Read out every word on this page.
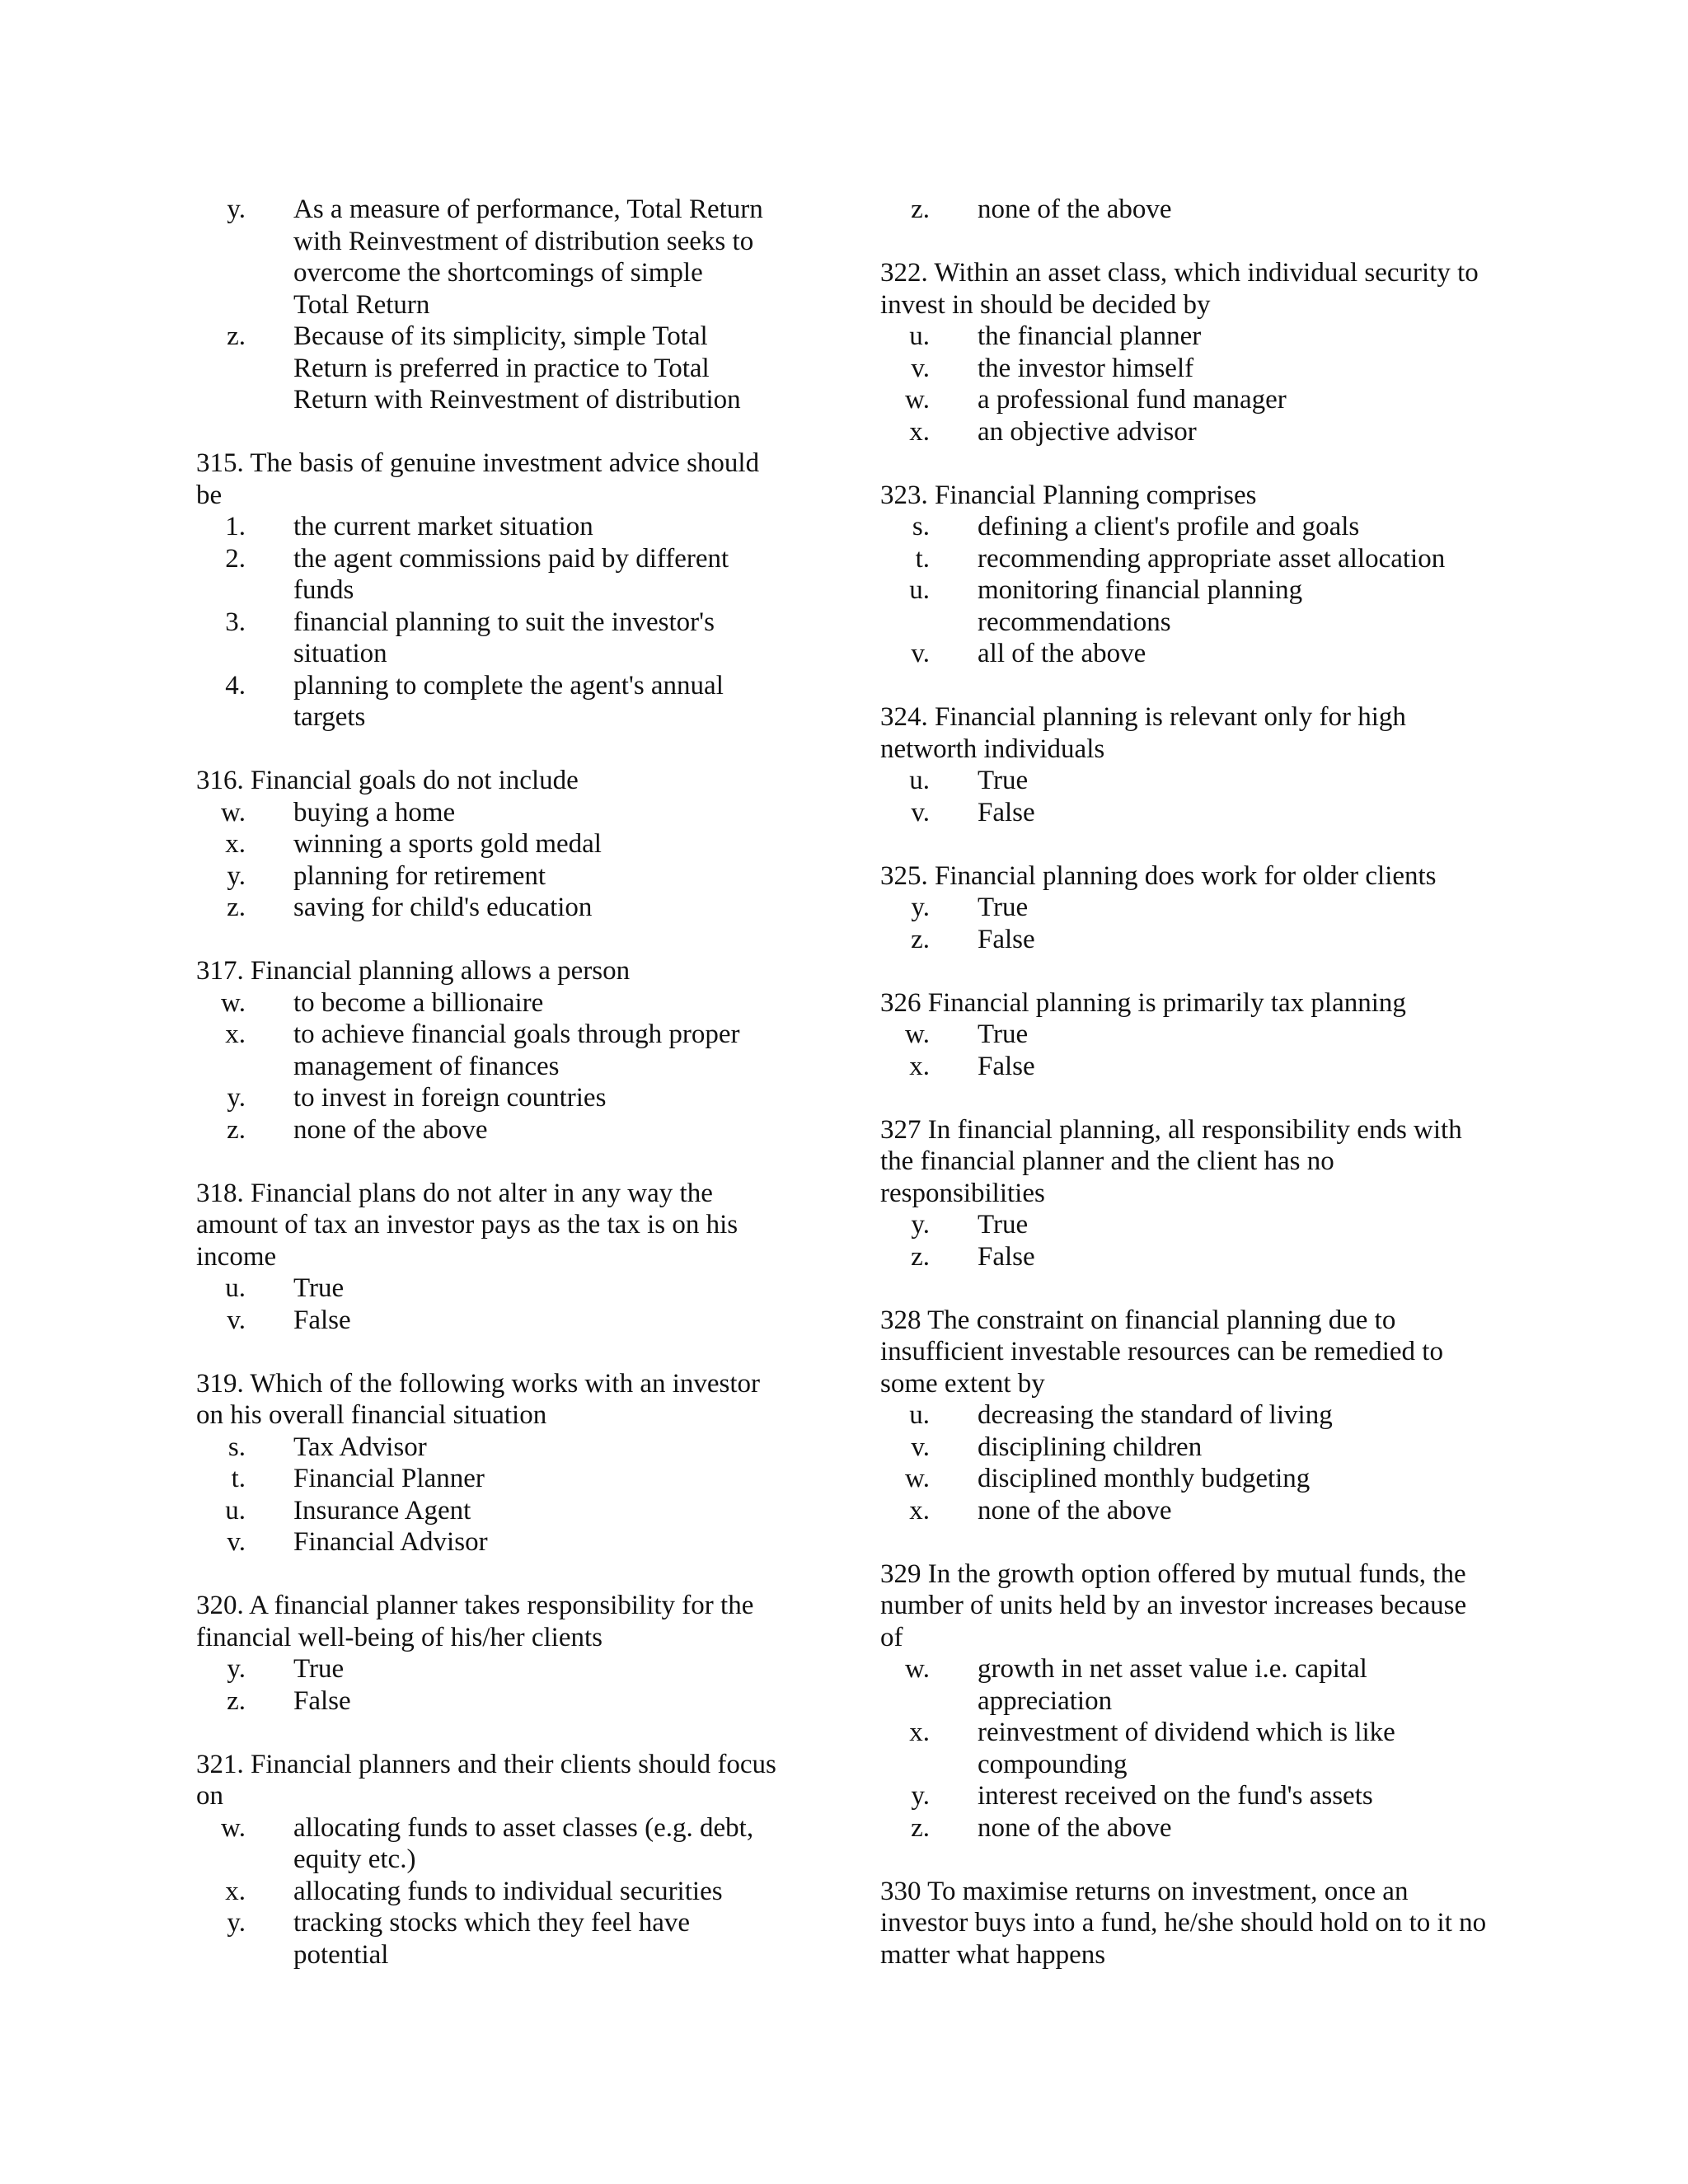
y. As a measure of performance, Total Return with Reinvestment of distribution seeks to overcome the shortcomings of simple Total Return
z. Because of its simplicity, simple Total Return is preferred in practice to Total Return with Reinvestment of distribution

315. The basis of genuine investment advice should be

1. the current market situation
2. the agent commissions paid by different funds
3. financial planning to suit the investor's situation
4. planning to complete the agent's annual targets

316. Financial goals do not include

w. buying a home
x. winning a sports gold medal
y. planning for retirement
z. saving for child's education

317. Financial planning allows a person

w. to become a billionaire
x. to achieve financial goals through proper management of finances
y. to invest in foreign countries
z. none of the above

318. Financial plans do not alter in any way the amount of tax an investor pays as the tax is on his income

u. True
v. False

319. Which of the following works with an investor on his overall financial situation

s. Tax Advisor
t. Financial Planner
u. Insurance Agent
v. Financial Advisor

320. A financial planner takes responsibility for the financial well-being of his/her clients

y. True
z. False

321. Financial planners and their clients should focus on

w. allocating funds to asset classes (e.g. debt, equity etc.)
x. allocating funds to individual securities
y. tracking stocks which they feel have potential
z. none of the above

322. Within an asset class, which individual security to invest in should be decided by

u. the financial planner
v. the investor himself
w. a professional fund manager
x. an objective advisor

323. Financial Planning comprises

s. defining a client's profile and goals
t. recommending appropriate asset allocation
u. monitoring financial planning recommendations
v. all of the above

324. Financial planning is relevant only for high networth individuals

u. True
v. False

325. Financial planning does work for older clients

y. True
z. False

326 Financial planning is primarily tax planning

w. True
x. False

327 In financial planning, all responsibility ends with the financial planner and the client has no responsibilities

y. True
z. False

328 The constraint on financial planning due to insufficient investable resources can be remedied to some extent by

u. decreasing the standard of living
v. disciplining children
w. disciplined monthly budgeting
x. none of the above

329 In the growth option offered by mutual funds, the number of units held by an investor increases because of

w. growth in net asset value i.e. capital appreciation
x. reinvestment of dividend which is like compounding
y. interest received on the fund's assets
z. none of the above

330 To maximise returns on investment, once an investor buys into a fund, he/she should hold on to it no matter what happens
